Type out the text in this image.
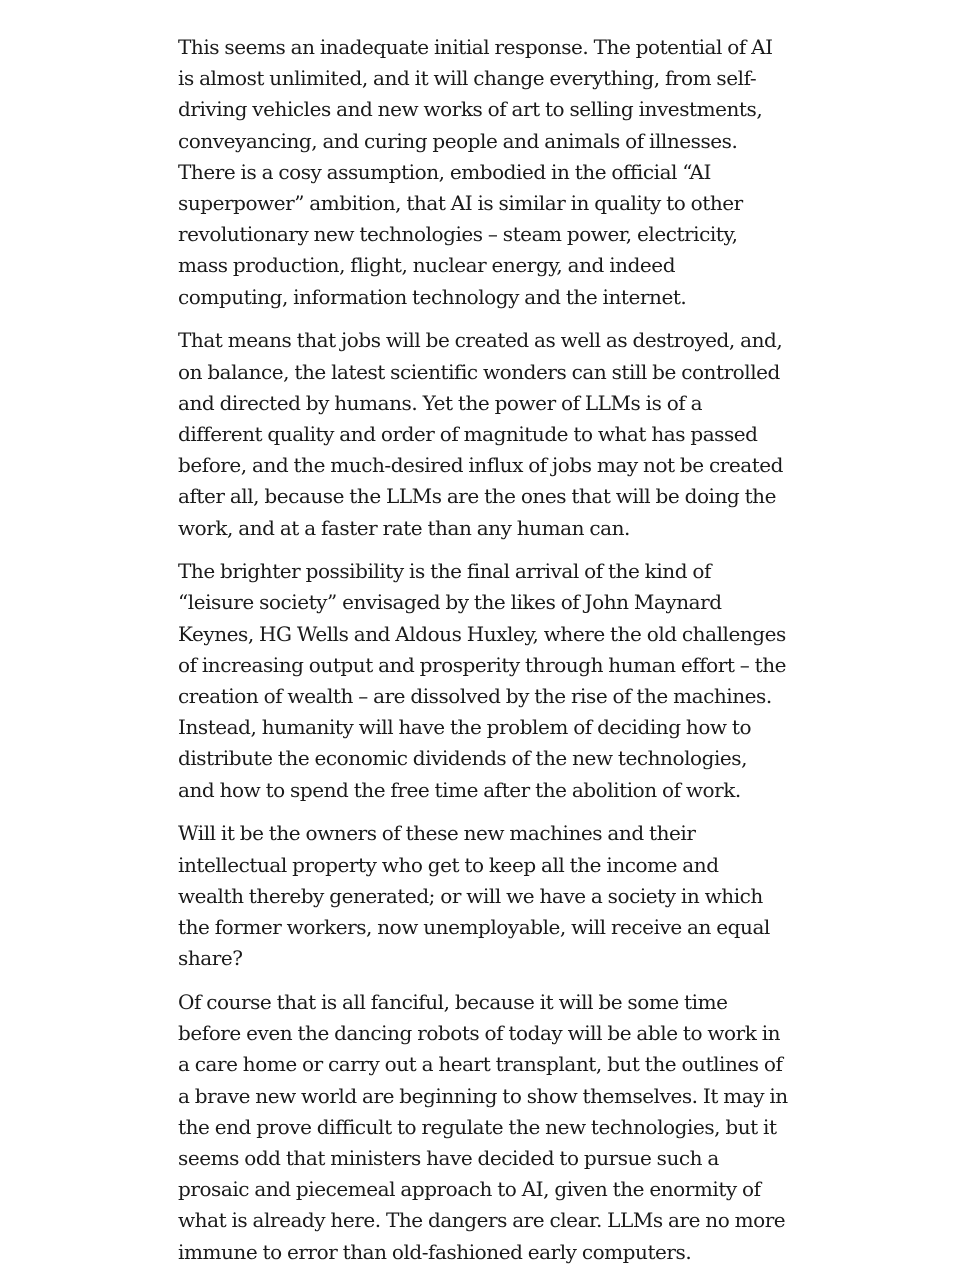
This seems an inadequate initial response. The potential of AI is almost unlimited, and it will change everything, from self-driving vehicles and new works of art to selling investments, conveyancing, and curing people and animals of illnesses. There is a cosy assumption, embodied in the official “AI superpower” ambition, that AI is similar in quality to other revolutionary new technologies – steam power, electricity, mass production, flight, nuclear energy, and indeed computing, information technology and the internet.

That means that jobs will be created as well as destroyed, and, on balance, the latest scientific wonders can still be controlled and directed by humans. Yet the power of LLMs is of a different quality and order of magnitude to what has passed before, and the much-desired influx of jobs may not be created after all, because the LLMs are the ones that will be doing the work, and at a faster rate than any human can.

The brighter possibility is the final arrival of the kind of “leisure society” envisaged by the likes of John Maynard Keynes, HG Wells and Aldous Huxley, where the old challenges of increasing output and prosperity through human effort – the creation of wealth – are dissolved by the rise of the machines. Instead, humanity will have the problem of deciding how to distribute the economic dividends of the new technologies, and how to spend the free time after the abolition of work.

Will it be the owners of these new machines and their intellectual property who get to keep all the income and wealth thereby generated; or will we have a society in which the former workers, now unemployable, will receive an equal share?

Of course that is all fanciful, because it will be some time before even the dancing robots of today will be able to work in a care home or carry out a heart transplant, but the outlines of a brave new world are beginning to show themselves. It may in the end prove difficult to regulate the new technologies, but it seems odd that ministers have decided to pursue such a prosaic and piecemeal approach to AI, given the enormity of what is already here. The dangers are clear. LLMs are no more immune to error than old-fashioned early computers.
